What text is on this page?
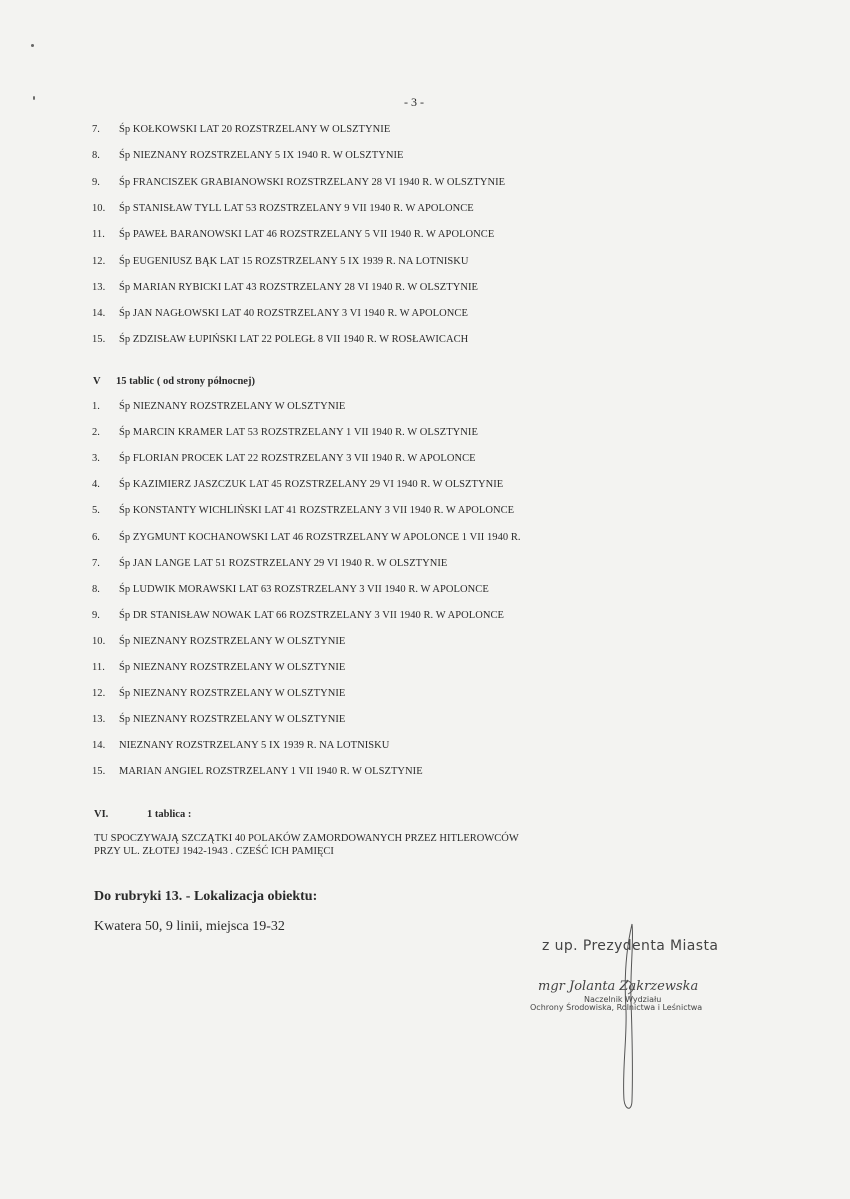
- 3 -
7.	Śp KOŁKOWSKI LAT 20 ROZSTRZELANY W OLSZTYNIE
8.	Śp NIEZNANY ROZSTRZELANY 5 IX 1940 R. W OLSZTYNIE
9.	Śp FRANCISZEK GRABIANOWSKI ROZSTRZELANY 28 VI 1940 R. W OLSZTYNIE
10.	Śp STANISŁAW TYLL LAT 53 ROZSTRZELANY 9 VII 1940 R. W APOLONCE
11.	Śp PAWEŁ BARANOWSKI LAT 46 ROZSTRZELANY 5 VII 1940 R. W APOLONCE
12.	Śp EUGENIUSZ BĄK LAT 15 ROZSTRZELANY 5 IX 1939 R. NA LOTNISKU
13.	Śp MARIAN RYBICKI LAT 43 ROZSTRZELANY 28 VI 1940 R. W OLSZTYNIE
14.	Śp JAN NAGŁOWSKI LAT 40 ROZSTRZELANY 3 VI 1940 R. W APOLONCE
15.	Śp ZDZISŁAW ŁUPIŃSKI LAT 22 POLEGŁ 8 VII 1940 R. W ROSŁAWICACH
V 15 tablic ( od strony północnej)
1.	Śp NIEZNANY ROZSTRZELANY W OLSZTYNIE
2.	Śp MARCIN KRAMER LAT 53 ROZSTRZELANY 1 VII 1940 R. W OLSZTYNIE
3.	Śp FLORIAN PROCEK LAT 22 ROZSTRZELANY 3 VII 1940 R. W APOLONCE
4.	Śp KAZIMIERZ JASZCZUK LAT 45 ROZSTRZELANY 29 VI 1940 R. W OLSZTYNIE
5.	Śp KONSTANTY WICHLIŃSKI LAT 41 ROZSTRZELANY 3 VII 1940 R. W APOLONCE
6.	Śp ZYGMUNT KOCHANOWSKI LAT 46 ROZSTRZELANY W APOLONCE 1 VII 1940 R.
7.	Śp JAN LANGE LAT 51 ROZSTRZELANY 29 VI 1940 R. W OLSZTYNIE
8.	Śp LUDWIK MORAWSKI LAT 63 ROZSTRZELANY 3 VII 1940 R. W APOLONCE
9.	Śp DR STANISŁAW NOWAK LAT 66 ROZSTRZELANY 3 VII 1940 R. W APOLONCE
10.	Śp NIEZNANY ROZSTRZELANY W OLSZTYNIE
11.	Śp NIEZNANY ROZSTRZELANY W OLSZTYNIE
12.	Śp NIEZNANY ROZSTRZELANY W OLSZTYNIE
13.	Śp NIEZNANY ROZSTRZELANY W OLSZTYNIE
14.	NIEZNANY ROZSTRZELANY 5 IX 1939 R. NA LOTNISKU
15.	MARIAN ANGIEL ROZSTRZELANY 1 VII 1940 R. W OLSZTYNIE
VI.	1 tablica :
TU SPOCZYWAJĄ SZCZĄTKI 40 POLAKÓW ZAMORDOWANYCH PRZEZ HITLEROWCÓW
PRZY UL. ZŁOTEJ 1942-1943 . CZEŚĆ ICH PAMIĘCI
Do rubryki 13. - Lokalizacja obiektu:
Kwatera 50, 9 linii, miejsca 19-32
z up. Prezydenta Miasta
mgr Jolanta Zakrzewska
Naczelnik Wydziału
Ochrony Środowiska, Rolnictwa i Leśnictwa
